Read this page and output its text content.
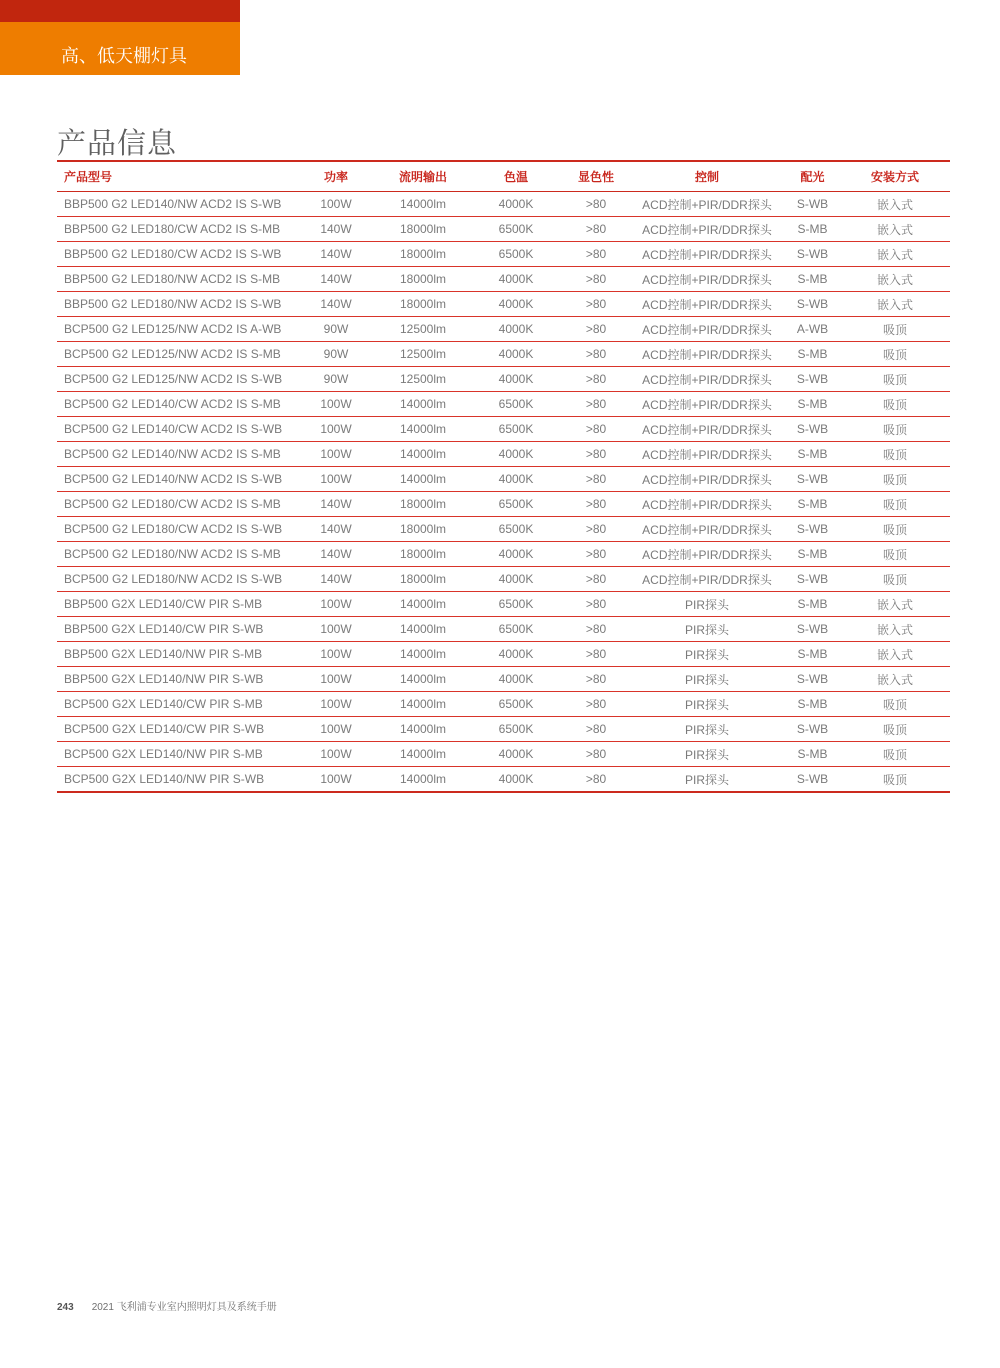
高、低天棚灯具
产品信息
产品型号	功率	流明输出	色温	显色性	控制	配光	安装方式
BBP500 G2 LED140/NW ACD2 IS S-WB	100W	14000lm	4000K	>80	ACD控制+PIR/DDR探头	S-WB	嵌入式
BBP500 G2 LED180/CW ACD2 IS S-MB	140W	18000lm	6500K	>80	ACD控制+PIR/DDR探头	S-MB	嵌入式
BBP500 G2 LED180/CW ACD2 IS S-WB	140W	18000lm	6500K	>80	ACD控制+PIR/DDR探头	S-WB	嵌入式
BBP500 G2 LED180/NW ACD2 IS S-MB	140W	18000lm	4000K	>80	ACD控制+PIR/DDR探头	S-MB	嵌入式
BBP500 G2 LED180/NW ACD2 IS S-WB	140W	18000lm	4000K	>80	ACD控制+PIR/DDR探头	S-WB	嵌入式
BCP500 G2 LED125/NW ACD2 IS A-WB	90W	12500lm	4000K	>80	ACD控制+PIR/DDR探头	A-WB	吸顶
BCP500 G2 LED125/NW ACD2 IS S-MB	90W	12500lm	4000K	>80	ACD控制+PIR/DDR探头	S-MB	吸顶
BCP500 G2 LED125/NW ACD2 IS S-WB	90W	12500lm	4000K	>80	ACD控制+PIR/DDR探头	S-WB	吸顶
BCP500 G2 LED140/CW ACD2 IS S-MB	100W	14000lm	6500K	>80	ACD控制+PIR/DDR探头	S-MB	吸顶
BCP500 G2 LED140/CW ACD2 IS S-WB	100W	14000lm	6500K	>80	ACD控制+PIR/DDR探头	S-WB	吸顶
BCP500 G2 LED140/NW ACD2 IS S-MB	100W	14000lm	4000K	>80	ACD控制+PIR/DDR探头	S-MB	吸顶
BCP500 G2 LED140/NW ACD2 IS S-WB	100W	14000lm	4000K	>80	ACD控制+PIR/DDR探头	S-WB	吸顶
BCP500 G2 LED180/CW ACD2 IS S-MB	140W	18000lm	6500K	>80	ACD控制+PIR/DDR探头	S-MB	吸顶
BCP500 G2 LED180/CW ACD2 IS S-WB	140W	18000lm	6500K	>80	ACD控制+PIR/DDR探头	S-WB	吸顶
BCP500 G2 LED180/NW ACD2 IS S-MB	140W	18000lm	4000K	>80	ACD控制+PIR/DDR探头	S-MB	吸顶
BCP500 G2 LED180/NW ACD2 IS S-WB	140W	18000lm	4000K	>80	ACD控制+PIR/DDR探头	S-WB	吸顶
BBP500 G2X LED140/CW PIR S-MB	100W	14000lm	6500K	>80	PIR探头	S-MB	嵌入式
BBP500 G2X LED140/CW PIR S-WB	100W	14000lm	6500K	>80	PIR探头	S-WB	嵌入式
BBP500 G2X LED140/NW PIR S-MB	100W	14000lm	4000K	>80	PIR探头	S-MB	嵌入式
BBP500 G2X LED140/NW PIR S-WB	100W	14000lm	4000K	>80	PIR探头	S-WB	嵌入式
BCP500 G2X LED140/CW PIR S-MB	100W	14000lm	6500K	>80	PIR探头	S-MB	吸顶
BCP500 G2X LED140/CW PIR S-WB	100W	14000lm	6500K	>80	PIR探头	S-WB	吸顶
BCP500 G2X LED140/NW PIR S-MB	100W	14000lm	4000K	>80	PIR探头	S-MB	吸顶
BCP500 G2X LED140/NW PIR S-WB	100W	14000lm	4000K	>80	PIR探头	S-WB	吸顶
243 2021 飞利浦专业室内照明灯具及系统手册
